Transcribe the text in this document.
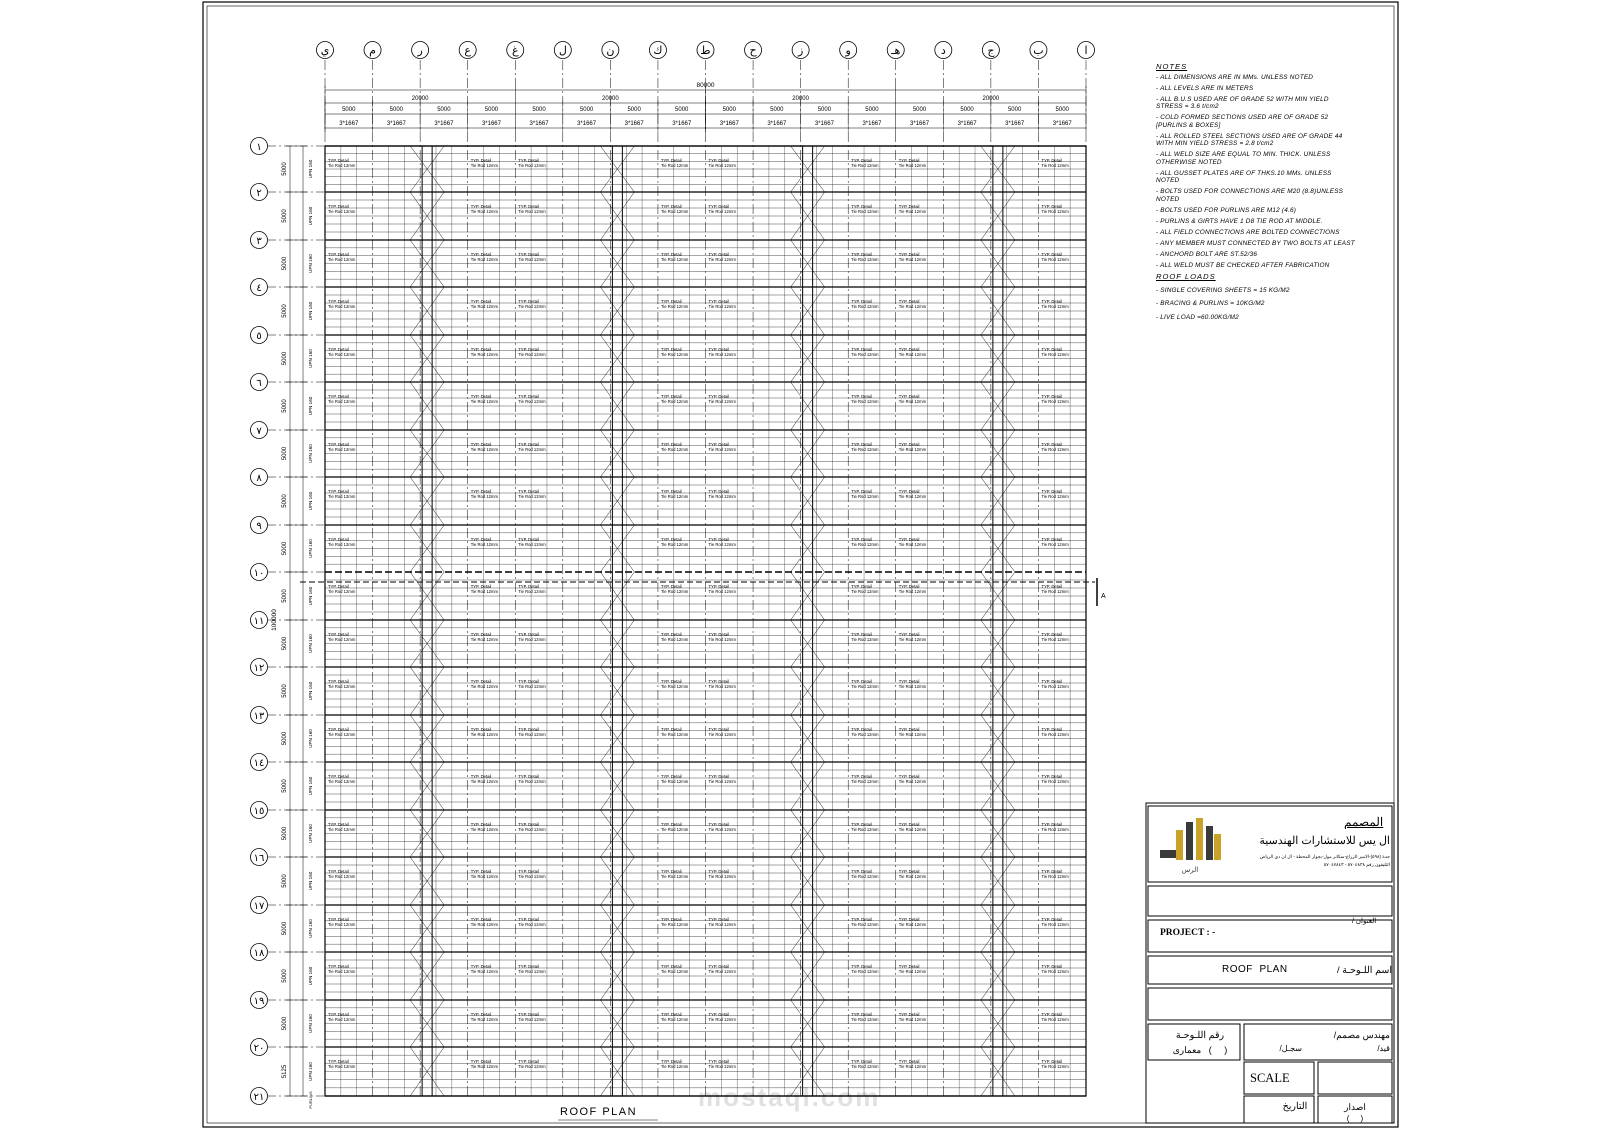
TYP. Detail
Tie Rod 12mm
TYP. Detail
Tie Rod 12mm
TYP. Detail
Tie Rod 12mm
TYP. Detail
Tie Rod 12mm
TYP. Detail
Tie Rod 12mm
TYP. Detail
Tie Rod 12mm
TYP. Detail
Tie Rod 12mm
TYP. Detail
Tie Rod 12mm
TYP. Detail
Tie Rod 12mm
TYP. Detail
Tie Rod 12mm
TYP. Detail
Tie Rod 12mm
TYP. Detail
Tie Rod 12mm
TYP. Detail
Tie Rod 12mm
TYP. Detail
Tie Rod 12mm
TYP. Detail
Tie Rod 12mm
TYP. Detail
Tie Rod 12mm
TYP. Detail
Tie Rod 12mm
TYP. Detail
Tie Rod 12mm
TYP. Detail
Tie Rod 12mm
TYP. Detail
Tie Rod 12mm
TYP. Detail
Tie Rod 12mm
TYP. Detail
Tie Rod 12mm
TYP. Detail
Tie Rod 12mm
TYP. Detail
Tie Rod 12mm
TYP. Detail
Tie Rod 12mm
TYP. Detail
Tie Rod 12mm
TYP. Detail
Tie Rod 12mm
TYP. Detail
Tie Rod 12mm
TYP. Detail
Tie Rod 12mm
TYP. Detail
Tie Rod 12mm
TYP. Detail
Tie Rod 12mm
TYP. Detail
Tie Rod 12mm
TYP. Detail
Tie Rod 12mm
TYP. Detail
Tie Rod 12mm
TYP. Detail
Tie Rod 12mm
TYP. Detail
Tie Rod 12mm
TYP. Detail
Tie Rod 12mm
TYP. Detail
Tie Rod 12mm
TYP. Detail
Tie Rod 12mm
TYP. Detail
Tie Rod 12mm
TYP. Detail
Tie Rod 12mm
TYP. Detail
Tie Rod 12mm
TYP. Detail
Tie Rod 12mm
TYP. Detail
Tie Rod 12mm
TYP. Detail
Tie Rod 12mm
TYP. Detail
Tie Rod 12mm
TYP. Detail
Tie Rod 12mm
TYP. Detail
Tie Rod 12mm
TYP. Detail
Tie Rod 12mm
TYP. Detail
Tie Rod 12mm
TYP. Detail
Tie Rod 12mm
TYP. Detail
Tie Rod 12mm
TYP. Detail
Tie Rod 12mm
TYP. Detail
Tie Rod 12mm
TYP. Detail
Tie Rod 12mm
TYP. Detail
Tie Rod 12mm
TYP. Detail
Tie Rod 12mm
TYP. Detail
Tie Rod 12mm
TYP. Detail
Tie Rod 12mm
TYP. Detail
Tie Rod 12mm
TYP. Detail
Tie Rod 12mm
TYP. Detail
Tie Rod 12mm
TYP. Detail
Tie Rod 12mm
TYP. Detail
Tie Rod 12mm
TYP. Detail
Tie Rod 12mm
TYP. Detail
Tie Rod 12mm
TYP. Detail
Tie Rod 12mm
TYP. Detail
Tie Rod 12mm
TYP. Detail
Tie Rod 12mm
TYP. Detail
Tie Rod 12mm
TYP. Detail
Tie Rod 12mm
TYP. Detail
Tie Rod 12mm
TYP. Detail
Tie Rod 12mm
TYP. Detail
Tie Rod 12mm
TYP. Detail
Tie Rod 12mm
TYP. Detail
Tie Rod 12mm
TYP. Detail
Tie Rod 12mm
TYP. Detail
Tie Rod 12mm
TYP. Detail
Tie Rod 12mm
TYP. Detail
Tie Rod 12mm
TYP. Detail
Tie Rod 12mm
TYP. Detail
Tie Rod 12mm
TYP. Detail
Tie Rod 12mm
TYP. Detail
Tie Rod 12mm
TYP. Detail
Tie Rod 12mm
TYP. Detail
Tie Rod 12mm
TYP. Detail
Tie Rod 12mm
TYP. Detail
Tie Rod 12mm
TYP. Detail
Tie Rod 12mm
TYP. Detail
Tie Rod 12mm
TYP. Detail
Tie Rod 12mm
TYP. Detail
Tie Rod 12mm
TYP. Detail
Tie Rod 12mm
TYP. Detail
Tie Rod 12mm
TYP. Detail
Tie Rod 12mm
TYP. Detail
Tie Rod 12mm
TYP. Detail
Tie Rod 12mm
TYP. Detail
Tie Rod 12mm
TYP. Detail
Tie Rod 12mm
TYP. Detail
Tie Rod 12mm
TYP. Detail
Tie Rod 12mm
TYP. Detail
Tie Rod 12mm
TYP. Detail
Tie Rod 12mm
TYP. Detail
Tie Rod 12mm
TYP. Detail
Tie Rod 12mm
TYP. Detail
Tie Rod 12mm
TYP. Detail
Tie Rod 12mm
TYP. Detail
Tie Rod 12mm
TYP. Detail
Tie Rod 12mm
TYP. Detail
Tie Rod 12mm
TYP. Detail
Tie Rod 12mm
TYP. Detail
Tie Rod 12mm
TYP. Detail
Tie Rod 12mm
TYP. Detail
Tie Rod 12mm
TYP. Detail
Tie Rod 12mm
TYP. Detail
Tie Rod 12mm
TYP. Detail
Tie Rod 12mm
TYP. Detail
Tie Rod 12mm
TYP. Detail
Tie Rod 12mm
TYP. Detail
Tie Rod 12mm
TYP. Detail
Tie Rod 12mm
TYP. Detail
Tie Rod 12mm
TYP. Detail
Tie Rod 12mm
TYP. Detail
Tie Rod 12mm
TYP. Detail
Tie Rod 12mm
TYP. Detail
Tie Rod 12mm
TYP. Detail
Tie Rod 12mm
TYP. Detail
Tie Rod 12mm
TYP. Detail
Tie Rod 12mm
TYP. Detail
Tie Rod 12mm
TYP. Detail
Tie Rod 12mm
TYP. Detail
Tie Rod 12mm
TYP. Detail
Tie Rod 12mm
TYP. Detail
Tie Rod 12mm
TYP. Detail
Tie Rod 12mm
TYP. Detail
Tie Rod 12mm
TYP. Detail
Tie Rod 12mm
TYP. Detail
Tie Rod 12mm
TYP. Detail
Tie Rod 12mm
TYP. Detail
Tie Rod 12mm
TYP. Detail
Tie Rod 12mm
TYP. Detail
Tie Rod 12mm
TYP. Detail
Tie Rod 12mm
TYP. Detail
Tie Rod 12mm
TYP. Detail
Tie Rod 12mm
TYP. Detail
Tie Rod 12mm
TYP. Detail
Tie Rod 12mm
TYP. Detail
Tie Rod 12mm
TYP. Detail
Tie Rod 12mm
TYP. Detail
Tie Rod 12mm
TYP. Detail
Tie Rod 12mm
TYP. Detail
Tie Rod 12mm
TYP. Detail
Tie Rod 12mm
TYP. Detail
Tie Rod 12mm
TYP. Detail
Tie Rod 12mm
TYP. Detail
Tie Rod 12mm
TYP. Detail
Tie Rod 12mm
TYP. Detail
Tie Rod 12mm
TYP. Detail
Tie Rod 12mm
TYP. Detail
Tie Rod 12mm
ي	م	ر	ع	غ	ل	ن	ك	ط	ح	ز	و	هـ	د	ج	ب	ا
80000
20000	20000	20000	20000
5000
3*1667
5000
3*1667
5000
3*1667
5000
3*1667
5000
3*1667
5000
3*1667
5000
3*1667
5000
3*1667
5000
3*1667
5000
3*1667
5000
3*1667
5000
3*1667
5000
3*1667
5000
3*1667
5000
3*1667
5000
3*1667
١
٢
٣
٤
٥
٦
٧
٨
٩
١٠
١١
١٢
١٣
١٤
١٥
١٦
١٧
١٨
١٩
٢٠
٢١
5000	UPN 160
5000	UPN 160
5000	UPN 160
5000	UPN 160
5000	UPN 160
5000	UPN 160
5000	UPN 160
5000	UPN 160
5000	UPN 160
5000	UPN 160
5000	UPN 160
5000	UPN 160
5000	UPN 160
5000	UPN 160
5000	UPN 160
5000	UPN 160
5000	UPN 160
5000	UPN 160
5000	UPN 160
5125	UPN 160
PURLINS
100000
A
الرس
ROOF PLAN
NOTES
- ALL DIMENSIONS ARE IN MMs. UNLESS NOTED
- ALL LEVELS ARE IN METERS
- ALL B.U.S USED ARE OF GRADE 52 WITH MIN YIELD STRESS = 3.6 t/cm2
- COLD FORMED SECTIONS USED ARE OF GRADE 52 [PURLINS & BOXES]
- ALL ROLLED STEEL SECTIONS USED ARE OF GRADE 44 WITH MIN YIELD STRESS = 2.8 t/cm2
- ALL WELD SIZE ARE EQUAL TO MIN. THICK. UNLESS OTHERWISE NOTED
- ALL GUSSET PLATES ARE OF THKS.10 MMs. UNLESS NOTED
- BOLTS USED FOR CONNECTIONS ARE M20 (8.8)UNLESS NOTED
- BOLTS USED FOR PURLINS ARE M12 (4.6)
- PURLINS & GIRTS HAVE 1 D8 TIE ROD AT MIDDLE.
- ALL FIELD CONNECTIONS ARE BOLTED CONNECTIONS
- ANY MEMBER MUST CONNECTED BY TWO BOLTS AT LEAST
- ANCHORD BOLT ARE ST.52/36
- ALL WELD MUST BE CHECKED AFTER FABRICATION
ROOF LOADS
- SINGLE COVERING SHEETS = 15 KG/M2
- BRACING & PURLINS = 10KG/M2
- LIVE LOAD =60.00KG/M2
المصمم
ال يس للاستشارات الهندسية
جدة (٥٩٨)-الامير الزراع-سكانر مول-بجوار المحطة - ال ان دي الرياض
التليفون رقم ٥٧٠٤٨٣٨ - ٥٧٠٤٧٨٤٣
العنوان /
PROJECT : -
اسم اللـوحـة /
ROOF  PLAN
رقم اللـوحـة
(     )   معمارى
مهندس مصمم/
قيد/
سجـل/
SCALE
التاريخ	اصدار
(     )
mostaql.com
